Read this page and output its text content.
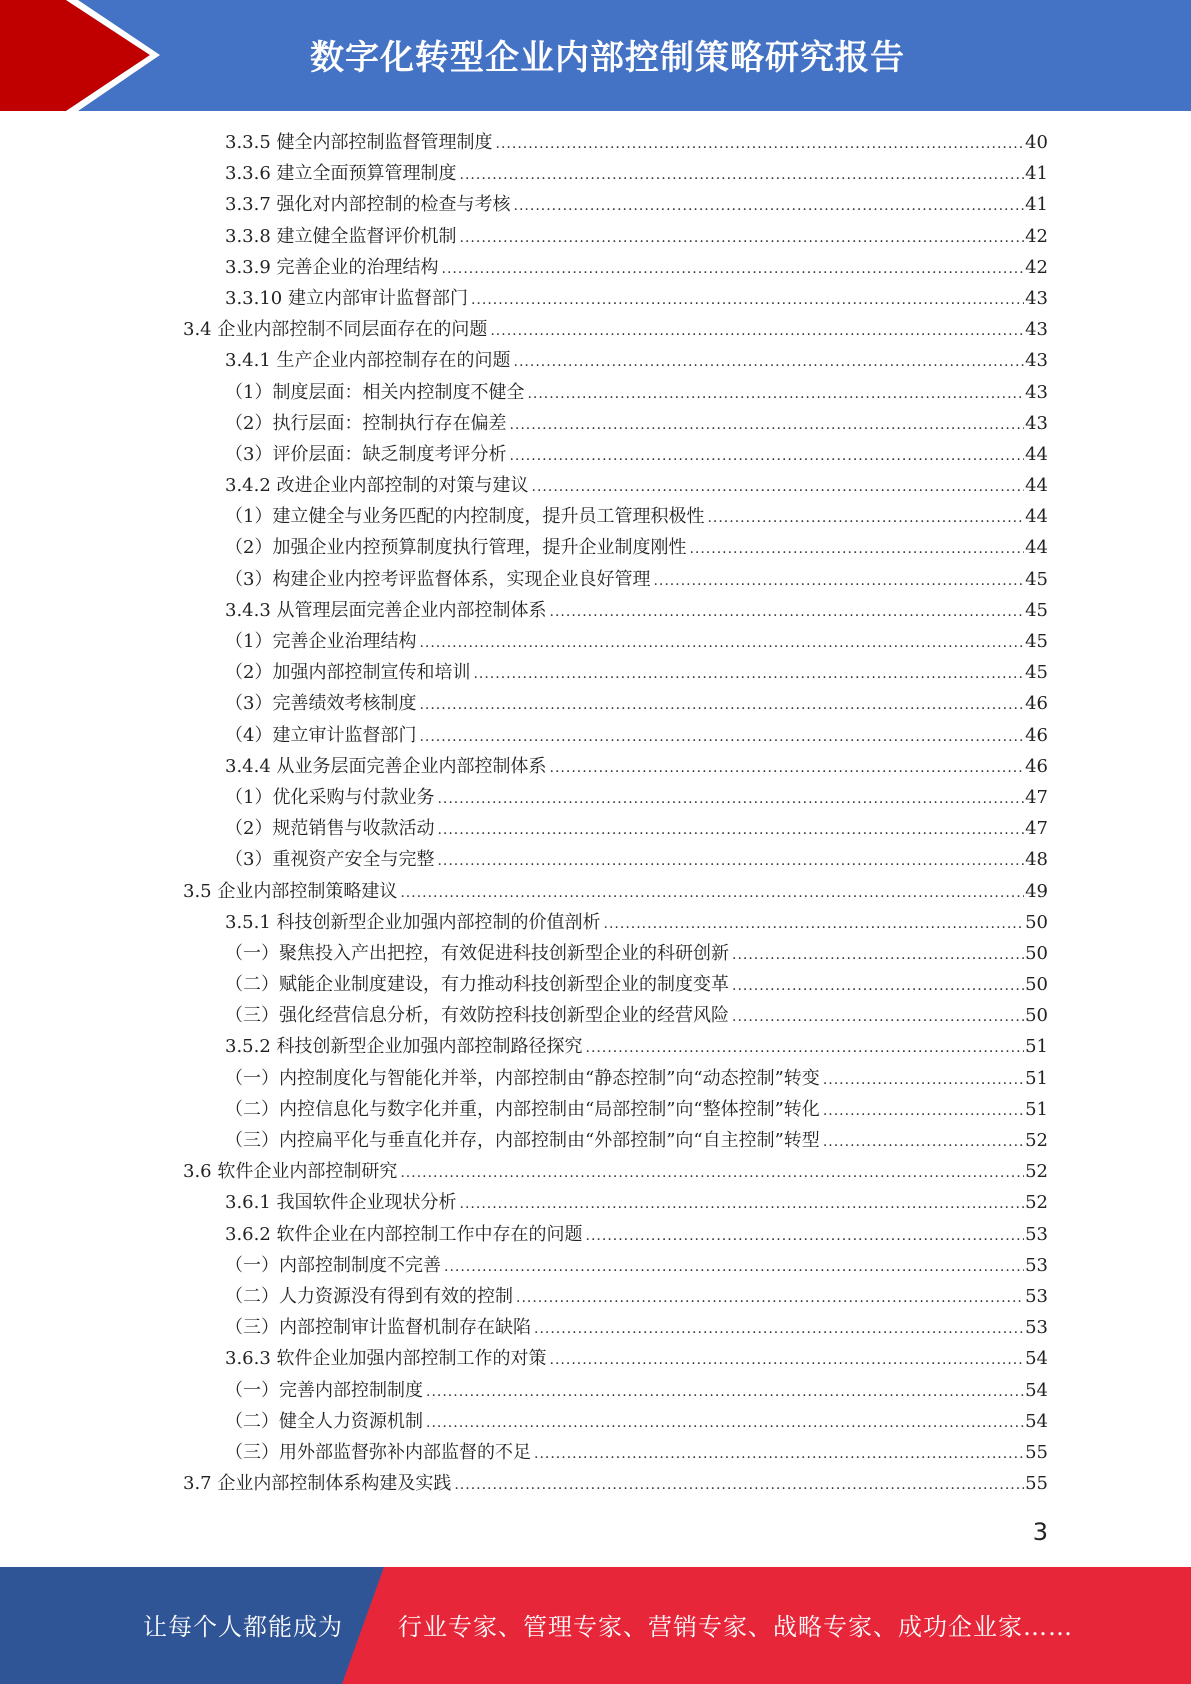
数字化转型企业内部控制策略研究报告
3.3.5 健全内部控制监督管理制度 .....	40
3.3.6 建立全面预算管理制度 .....	41
3.3.7 强化对内部控制的检查与考核 .....	41
3.3.8 建立健全监督评价机制 .....	42
3.3.9 完善企业的治理结构 .....	42
3.3.10 建立内部审计监督部门 .....	43
3.4 企业内部控制不同层面存在的问题 .....	43
3.4.1 生产企业内部控制存在的问题 .....	43
（1）制度层面：相关内控制度不健全 .....	43
（2）执行层面：控制执行存在偏差 .....	43
（3）评价层面：缺乏制度考评分析 .....	44
3.4.2 改进企业内部控制的对策与建议 .....	44
（1）建立健全与业务匹配的内控制度，提升员工管理积极性 .....	44
（2）加强企业内控预算制度执行管理，提升企业制度刚性 .....	44
（3）构建企业内控考评监督体系，实现企业良好管理 .....	45
3.4.3 从管理层面完善企业内部控制体系 .....	45
（1）完善企业治理结构 .....	45
（2）加强内部控制宣传和培训 .....	45
（3）完善绩效考核制度 .....	46
（4）建立审计监督部门 .....	46
3.4.4 从业务层面完善企业内部控制体系 .....	46
（1）优化采购与付款业务 .....	47
（2）规范销售与收款活动 .....	47
（3）重视资产安全与完整 .....	48
3.5 企业内部控制策略建议 .....	49
3.5.1 科技创新型企业加强内部控制的价值剖析 .....	50
（一）聚焦投入产出把控，有效促进科技创新型企业的科研创新 .....	50
（二）赋能企业制度建设，有力推动科技创新型企业的制度变革 .....	50
（三）强化经营信息分析，有效防控科技创新型企业的经营风险 .....	50
3.5.2 科技创新型企业加强内部控制路径探究 .....	51
（一）内控制度化与智能化并举，内部控制由“静态控制”向“动态控制”转变 .....	51
（二）内控信息化与数字化并重，内部控制由“局部控制”向“整体控制”转化 .....	51
（三）内控扁平化与垂直化并存，内部控制由“外部控制”向“自主控制”转型 .....	52
3.6 软件企业内部控制研究 .....	52
3.6.1 我国软件企业现状分析 .....	52
3.6.2 软件企业在内部控制工作中存在的问题 .....	53
（一）内部控制制度不完善 .....	53
（二）人力资源没有得到有效的控制 .....	53
（三）内部控制审计监督机制存在缺陷 .....	53
3.6.3 软件企业加强内部控制工作的对策 .....	54
（一）完善内部控制制度 .....	54
（二）健全人力资源机制 .....	54
（三）用外部监督弥补内部监督的不足 .....	55
3.7 企业内部控制体系构建及实践 .....	55
3
让每个人都能成为 行业专家、管理专家、营销专家、战略专家、成功企业家……
